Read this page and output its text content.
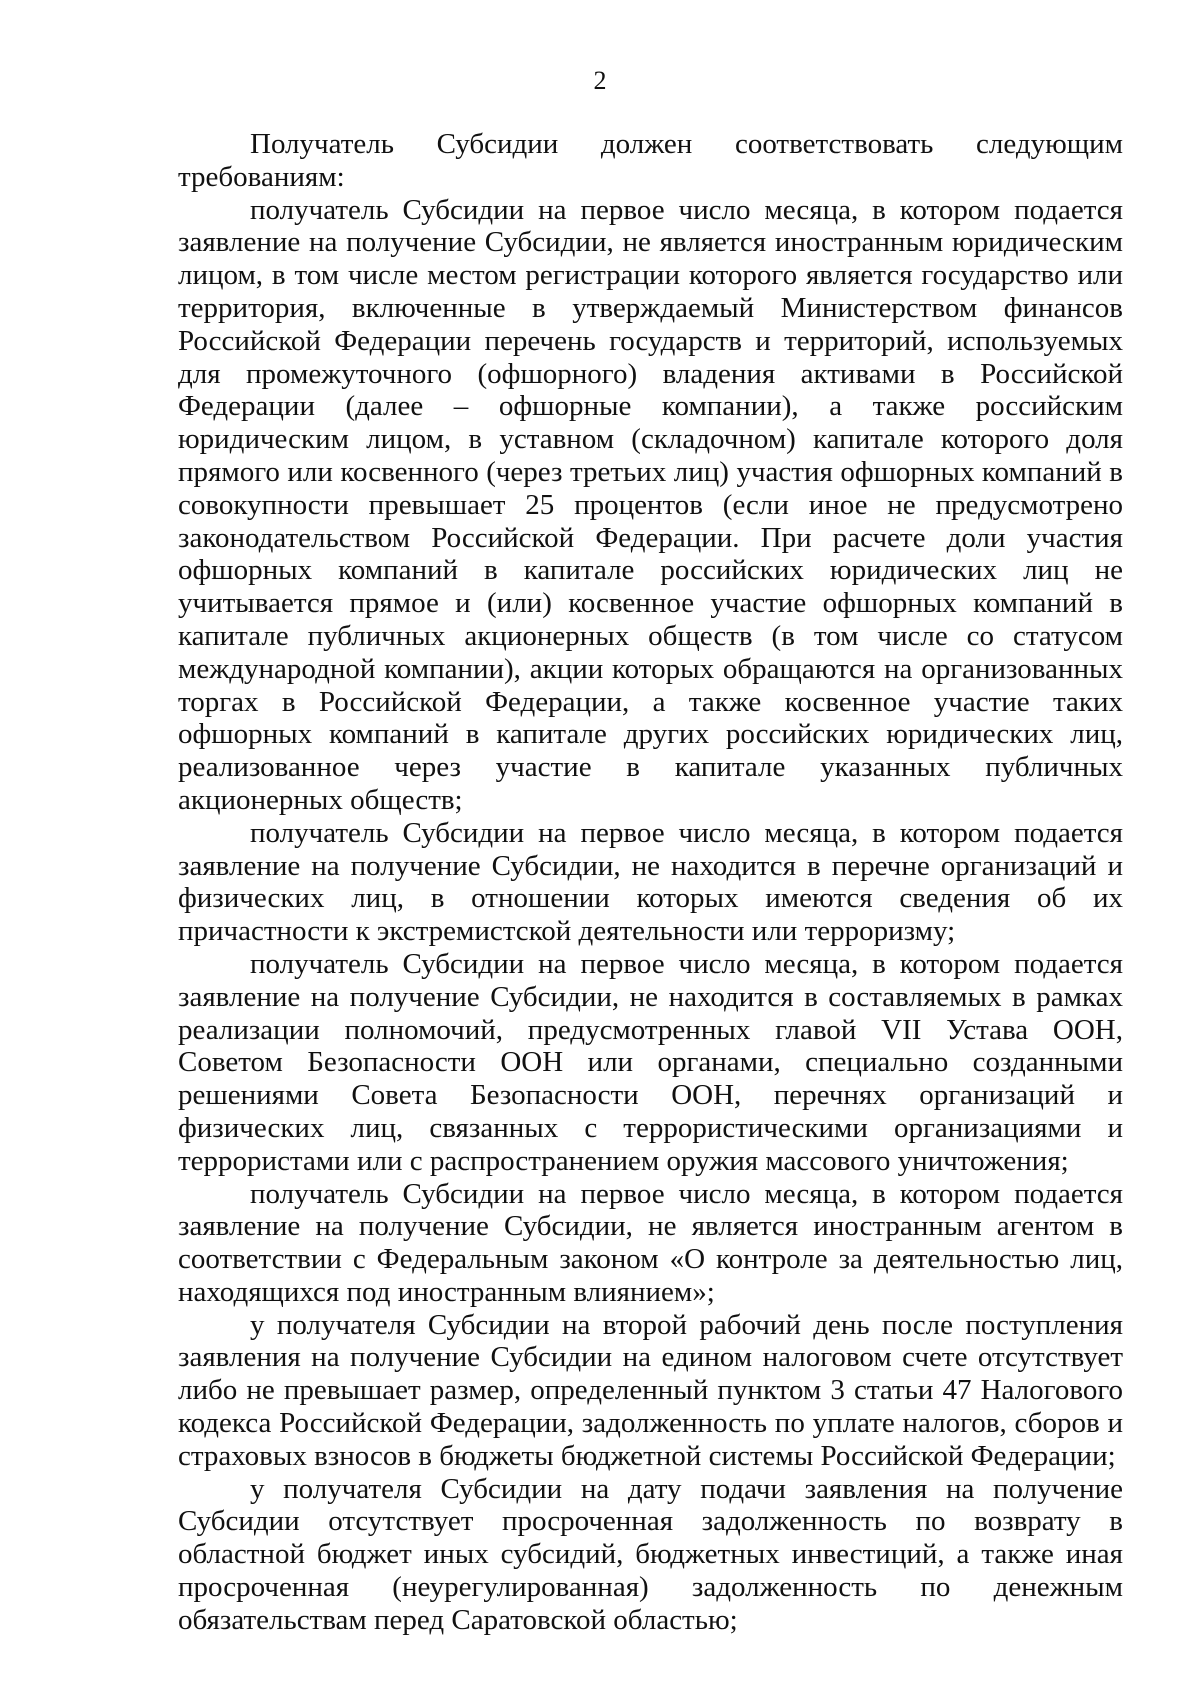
2

Получатель Субсидии должен соответствовать следующим требованиям:

получатель Субсидии на первое число месяца, в котором подается заявление на получение Субсидии, не является иностранным юридическим лицом, в том числе местом регистрации которого является государство или территория, включенные в утверждаемый Министерством финансов Российской Федерации перечень государств и территорий, используемых для промежуточного (офшорного) владения активами в Российской Федерации (далее – офшорные компании), а также российским юридическим лицом, в уставном (складочном) капитале которого доля прямого или косвенного (через третьих лиц) участия офшорных компаний в совокупности превышает 25 процентов (если иное не предусмотрено законодательством Российской Федерации. При расчете доли участия офшорных компаний в капитале российских юридических лиц не учитывается прямое и (или) косвенное участие офшорных компаний в капитале публичных акционерных обществ (в том числе со статусом международной компании), акции которых обращаются на организованных торгах в Российской Федерации, а также косвенное участие таких офшорных компаний в капитале других российских юридических лиц, реализованное через участие в капитале указанных публичных акционерных обществ;

получатель Субсидии на первое число месяца, в котором подается заявление на получение Субсидии, не находится в перечне организаций и физических лиц, в отношении которых имеются сведения об их причастности к экстремистской деятельности или терроризму;

получатель Субсидии на первое число месяца, в котором подается заявление на получение Субсидии, не находится в составляемых в рамках реализации полномочий, предусмотренных главой VII Устава ООН, Советом Безопасности ООН или органами, специально созданными решениями Совета Безопасности ООН, перечнях организаций и физических лиц, связанных с террористическими организациями и террористами или с распространением оружия массового уничтожения;

получатель Субсидии на первое число месяца, в котором подается заявление на получение Субсидии, не является иностранным агентом в соответствии с Федеральным законом «О контроле за деятельностью лиц, находящихся под иностранным влиянием»;

у получателя Субсидии на второй рабочий день после поступления заявления на получение Субсидии на едином налоговом счете отсутствует либо не превышает размер, определенный пунктом 3 статьи 47 Налогового кодекса Российской Федерации, задолженность по уплате налогов, сборов и страховых взносов в бюджеты бюджетной системы Российской Федерации;

у получателя Субсидии на дату подачи заявления на получение Субсидии отсутствует просроченная задолженность по возврату в областной бюджет иных субсидий, бюджетных инвестиций, а также иная просроченная (неурегулированная) задолженность по денежным обязательствам перед Саратовской областью;
